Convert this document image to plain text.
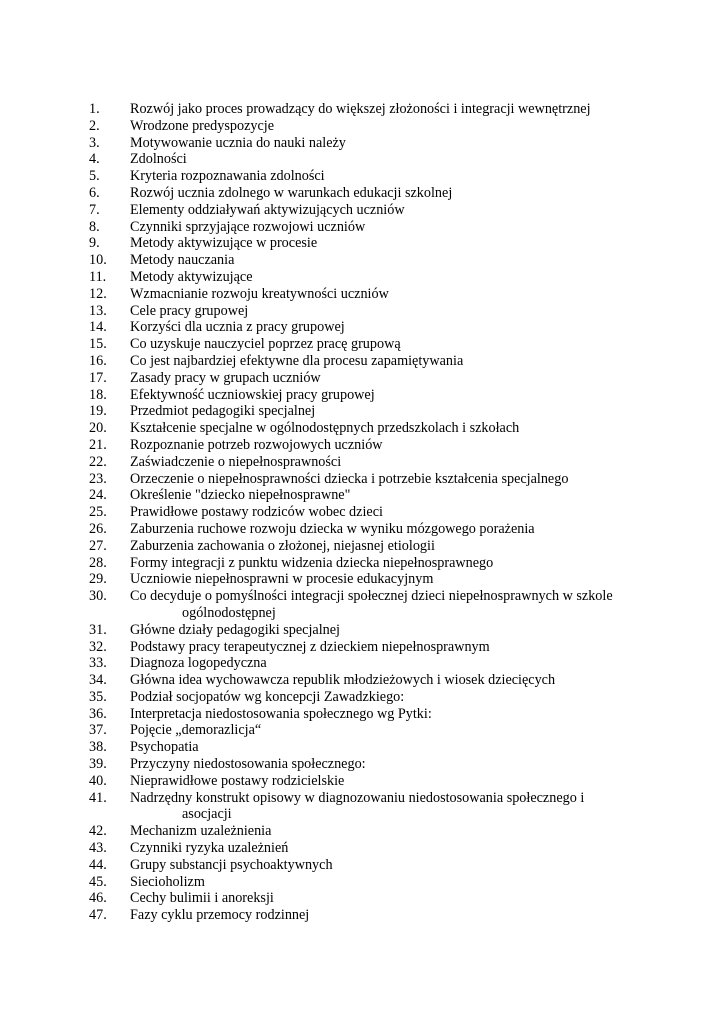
1. Rozwój jako proces prowadzący do większej złożoności i integracji wewnętrznej
2. Wrodzone predyspozycje
3. Motywowanie ucznia do nauki należy
4. Zdolności
5. Kryteria rozpoznawania zdolności
6. Rozwój ucznia zdolnego w warunkach edukacji szkolnej
7. Elementy oddziaływań aktywizujących uczniów
8. Czynniki sprzyjające rozwojowi uczniów
9. Metody aktywizujące w procesie
10. Metody nauczania
11. Metody aktywizujące
12. Wzmacnianie rozwoju kreatywności uczniów
13. Cele pracy grupowej
14. Korzyści dla ucznia z pracy grupowej
15. Co uzyskuje nauczyciel poprzez pracę grupową
16. Co jest najbardziej efektywne dla procesu zapamiętywania
17. Zasady pracy w grupach uczniów
18. Efektywność uczniowskiej pracy grupowej
19. Przedmiot pedagogiki specjalnej
20. Kształcenie specjalne w ogólnodostępnych przedszkolach i szkołach
21. Rozpoznanie potrzeb rozwojowych uczniów
22. Zaświadczenie o niepełnosprawności
23. Orzeczenie o niepełnosprawności dziecka i potrzebie kształcenia specjalnego
24. Określenie "dziecko niepełnosprawne"
25. Prawidłowe postawy rodziców wobec dzieci
26. Zaburzenia ruchowe rozwoju dziecka w wyniku mózgowego porażenia
27. Zaburzenia zachowania o złożonej, niejasnej etiologii
28. Formy integracji z punktu widzenia dziecka niepełnosprawnego
29. Uczniowie niepełnosprawni w procesie edukacyjnym
30. Co decyduje o pomyślności integracji społecznej dzieci niepełnosprawnych w szkole
ogólnodostępnej
31. Główne działy pedagogiki specjalnej
32. Podstawy pracy terapeutycznej z dzieckiem niepełnosprawnym
33. Diagnoza logopedyczna
34. Główna idea wychowawcza republik młodzieżowych i wiosek dziecięcych
35. Podział socjopatów wg koncepcji Zawadzkiego:
36. Interpretacja niedostosowania społecznego wg Pytki:
37. Pojęcie „demorazlicja“
38. Psychopatia
39. Przyczyny niedostosowania społecznego:
40. Nieprawidłowe postawy rodzicielskie
41. Nadrzędny konstrukt opisowy w diagnozowaniu niedostosowania społecznego i
asocjacji
42. Mechanizm uzależnienia
43. Czynniki ryzyka uzależnień
44. Grupy substancji psychoaktywnych
45. Siecioholizm
46. Cechy bulimii i anoreksji
47. Fazy cyklu przemocy rodzinnej
